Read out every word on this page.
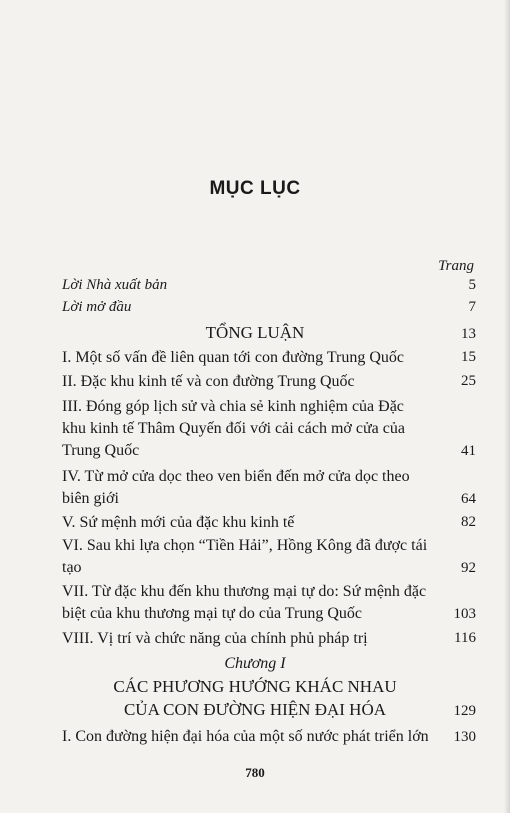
MỤC LỤC
Trang
Lời Nhà xuất bản	5
Lời mở đầu	7
TỔNG LUẬN	13
I. Một số vấn đề liên quan tới con đường Trung Quốc	15
II. Đặc khu kinh tế và con đường Trung Quốc	25
III. Đóng góp lịch sử và chia sẻ kinh nghiệm của Đặc khu kinh tế Thâm Quyến đối với cải cách mở cửa của Trung Quốc	41
IV. Từ mở cửa dọc theo ven biển đến mở cửa dọc theo biên giới	64
V. Sứ mệnh mới của đặc khu kinh tế	82
VI. Sau khi lựa chọn “Tiền Hải”, Hồng Kông đã được tái tạo	92
VII. Từ đặc khu đến khu thương mại tự do: Sứ mệnh đặc biệt của khu thương mại tự do của Trung Quốc	103
VIII. Vị trí và chức năng của chính phủ pháp trị	116
Chương I
CÁC PHƯƠNG HƯỚNG KHÁC NHAU
CỦA CON ĐƯỜNG HIỆN ĐẠI HÓA	129
I. Con đường hiện đại hóa của một số nước phát triển lớn	130
780
